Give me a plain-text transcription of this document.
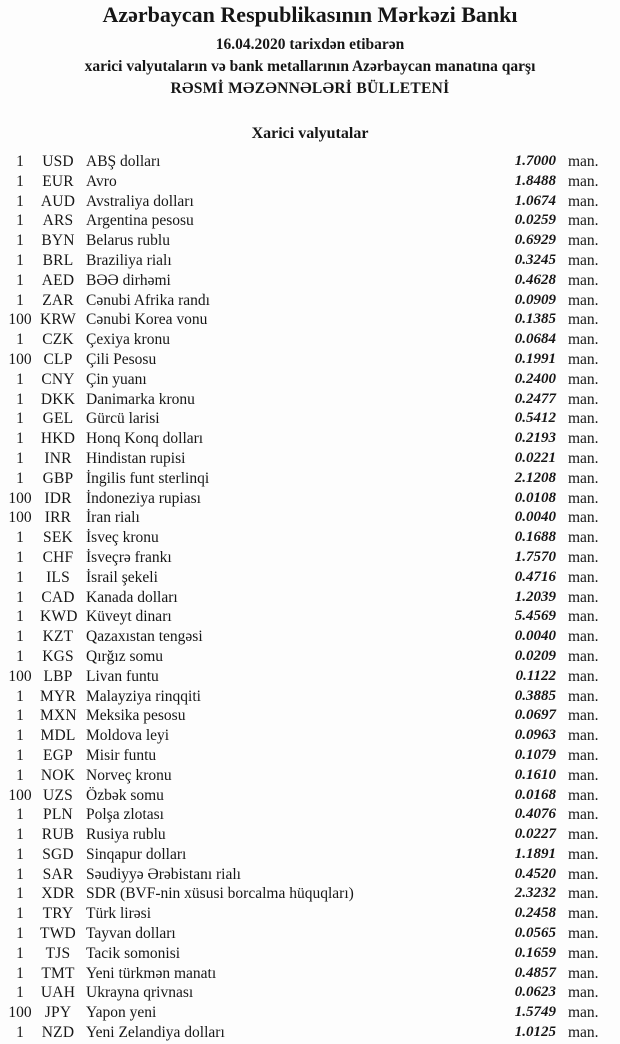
Azərbaycan Respublikasının Mərkəzi Bankı
16.04.2020 tarixdən etibarən
xarici valyutaların və bank metallarının Azərbaycan manatına qarşı
RƏSMİ MƏZƏNNƏLƏRİ BÜLLETENİ
Xarici valyutalar
1	USD ABŞ dolları	1.7000 man.
1	EUR Avro	1.8488 man.
1	AUD Avstraliya dolları	1.0674 man.
1	ARS Argentina pesosu	0.0259 man.
1	BYN Belarus rublu	0.6929 man.
1	BRL Braziliya rialı	0.3245 man.
1	AED BƏƏ dirhəmi	0.4628 man.
1	ZAR Cənubi Afrika randı	0.0909 man.
100 KRW Cənubi Korea vonu	0.1385 man.
1	CZK Çexiya kronu	0.0684 man.
100 CLP Çili Pesosu	0.1991 man.
1	CNY Çin yuanı	0.2400 man.
1	DKK Danimarka kronu	0.2477 man.
1	GEL Gürcü larisi	0.5412 man.
1	HKD Honq Konq dolları	0.2193 man.
1	INR Hindistan rupisi	0.0221 man.
1	GBP İngilis funt sterlinqi	2.1208 man.
100 IDR İndoneziya rupiası	0.0108 man.
100 IRR İran rialı	0.0040 man.
1	SEK İsveç kronu	0.1688 man.
1	CHF İsveçrə frankı	1.7570 man.
1	ILS	İsrail şekeli	0.4716 man.
1	CAD Kanada dolları	1.2039 man.
1	KWD Küveyt dinarı	5.4569 man.
1	KZT Qazaxıstan tengəsi	0.0040 man.
1	KGS Qırğız somu	0.0209 man.
100 LBP Livan funtu	0.1122 man.
1	MYR Malayziya rinqqiti	0.3885 man.
1	MXN Meksika pesosu	0.0697 man.
1	MDL Moldova leyi	0.0963 man.
1	EGP Misir funtu	0.1079 man.
1	NOK Norveç kronu	0.1610 man.
100 UZS Özbək somu	0.0168 man.
1	PLN Polşa zlotası	0.4076 man.
1	RUB Rusiya rublu	0.0227 man.
1	SGD Sinqapur dolları	1.1891 man.
1	SAR Səudiyyə Ərəbistanı rialı	0.4520 man.
1	XDR SDR (BVF-nin xüsusi borcalma hüquqları)	2.3232 man.
1	TRY Türk lirəsi	0.2458 man.
1	TWD Tayvan dolları	0.0565 man.
1	TJS	Tacik somonisi	0.1659 man.
1	TMT Yeni türkmən manatı	0.4857 man.
1	UAH Ukrayna qrivnası	0.0623 man.
100 JPY Yapon yeni	1.5749 man.
1	NZD Yeni Zelandiya dolları	1.0125 man.
